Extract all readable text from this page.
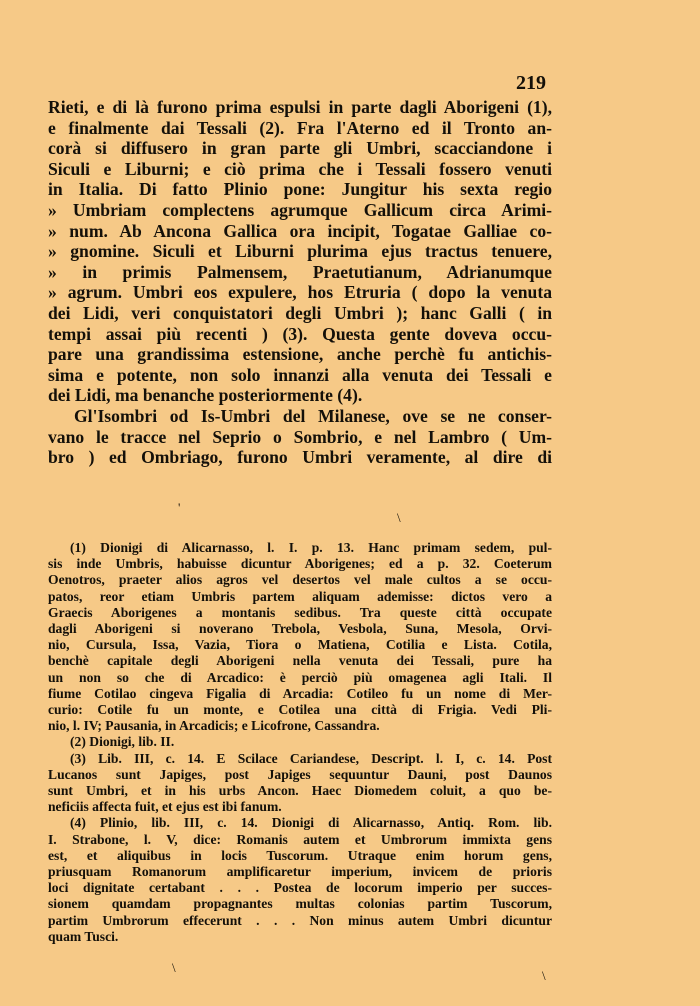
219
Rieti, e di là furono prima espulsi in parte dagli Aborigeni (1),
e finalmente dai Tessali (2). Fra l'Aterno ed il Tronto an-
corà si diffusero in gran parte gli Umbri, scacciandone i
Siculi e Liburni; e ciò prima che i Tessali fossero venuti
in Italia. Di fatto Plinio pone: Jungitur his sexta regio
» Umbriam complectens agrumque Gallicum circa Arimi-
» num. Ab Ancona Gallica ora incipit, Togatae Galliae co-
» gnomine. Siculi et Liburni plurima ejus tractus tenuere,
» in primis Palmensem, Praetutianum, Adrianumque
» agrum. Umbri eos expulere, hos Etruria ( dopo la venuta
dei Lidi, veri conquistatori degli Umbri ); hanc Galli ( in
tempi assai più recenti ) (3). Questa gente doveva occu-
pare una grandissima estensione, anche perchè fu antichis-
sima e potente, non solo innanzi alla venuta dei Tessali e
dei Lidi, ma benanche posteriormente (4).
Gl'Isombri od Is-Umbri del Milanese, ove se ne conser-
vano le tracce nel Seprio o Sombrio, e nel Lambro ( Um-
bro ) ed Ombriago, furono Umbri veramente, al dire di
'
\
\
\
(1) Dionigi di Alicarnasso, l. I. p. 13. Hanc primam sedem, pul-
sis inde Umbris, habuisse dicuntur Aborigenes; ed a p. 32. Coeterum
Oenotros, praeter alios agros vel desertos vel male cultos a se occu-
patos, reor etiam Umbris partem aliquam ademisse: dictos vero a
Graecis Aborigenes a montanis sedibus. Tra queste città occupate
dagli Aborigeni si noverano Trebola, Vesbola, Suna, Mesola, Orvi-
nio, Cursula, Issa, Vazia, Tiora o Matiena, Cotilia e Lista. Cotila,
benchè capitale degli Aborigeni nella venuta dei Tessali, pure ha
un non so che di Arcadico: è perciò più omagenea agli Itali. Il
fiume Cotilao cingeva Figalia di Arcadia: Cotileo fu un nome di Mer-
curio: Cotile fu un monte, e Cotilea una città di Frigia. Vedi Pli-
nio, l. IV; Pausania, in Arcadicis; e Licofrone, Cassandra.
(2) Dionigi, lib. II.
(3) Lib. III, c. 14. E Scilace Cariandese, Descript. l. I, c. 14. Post
Lucanos sunt Japiges, post Japiges sequuntur Dauni, post Daunos
sunt Umbri, et in his urbs Ancon. Haec Diomedem coluit, a quo be-
neficiis affecta fuit, et ejus est ibi fanum.
(4) Plinio, lib. III, c. 14. Dionigi di Alicarnasso, Antiq. Rom. lib.
I. Strabone, l. V, dice: Romanis autem et Umbrorum immixta gens
est, et aliquibus in locis Tuscorum. Utraque enim horum gens,
priusquam Romanorum amplificaretur imperium, invicem de prioris
loci dignitate certabant . . . Postea de locorum imperio per succes-
sionem quamdam propagnantes multas colonias partim Tuscorum,
partim Umbrorum effecerunt . . . Non minus autem Umbri dicuntur
quam Tusci.
